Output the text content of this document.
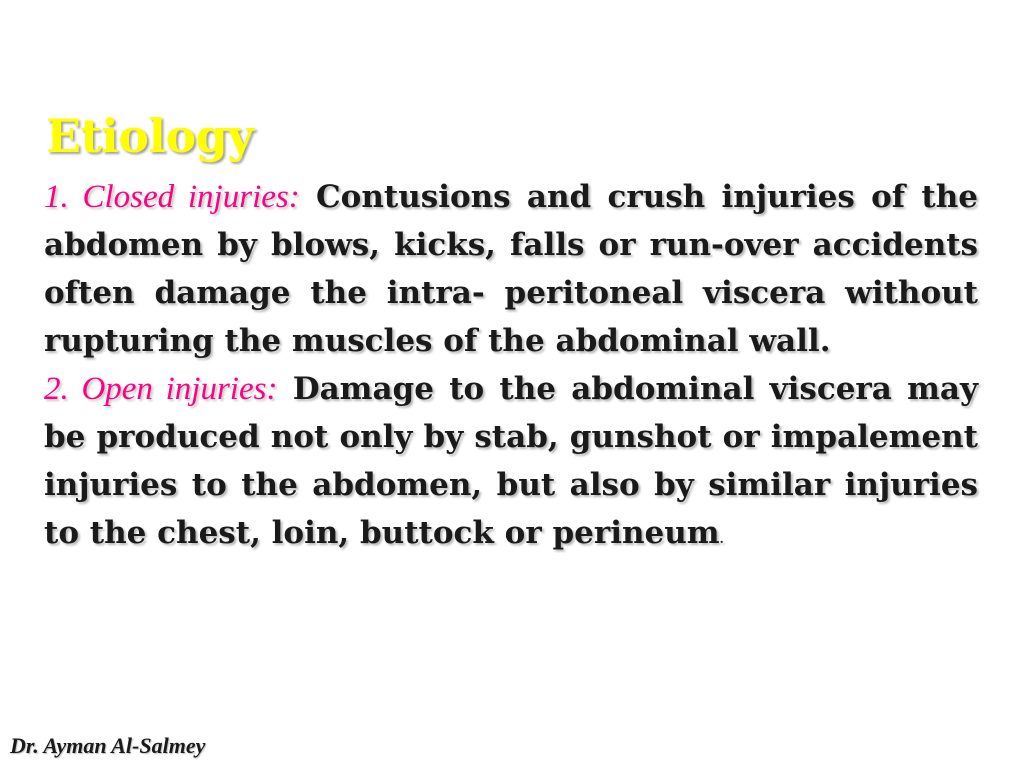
Etiology

1. Closed injuries: Contusions and crush injuries of the abdomen by blows, kicks, falls or run-over accidents often damage the intra- peritoneal viscera without rupturing the muscles of the abdominal wall.

2. Open injuries: Damage to the abdominal viscera may be produced not only by stab, gunshot or impalement injuries to the abdomen, but also by similar injuries to the chest, loin, buttock or perineum.

Dr. Ayman Al-Salmey
